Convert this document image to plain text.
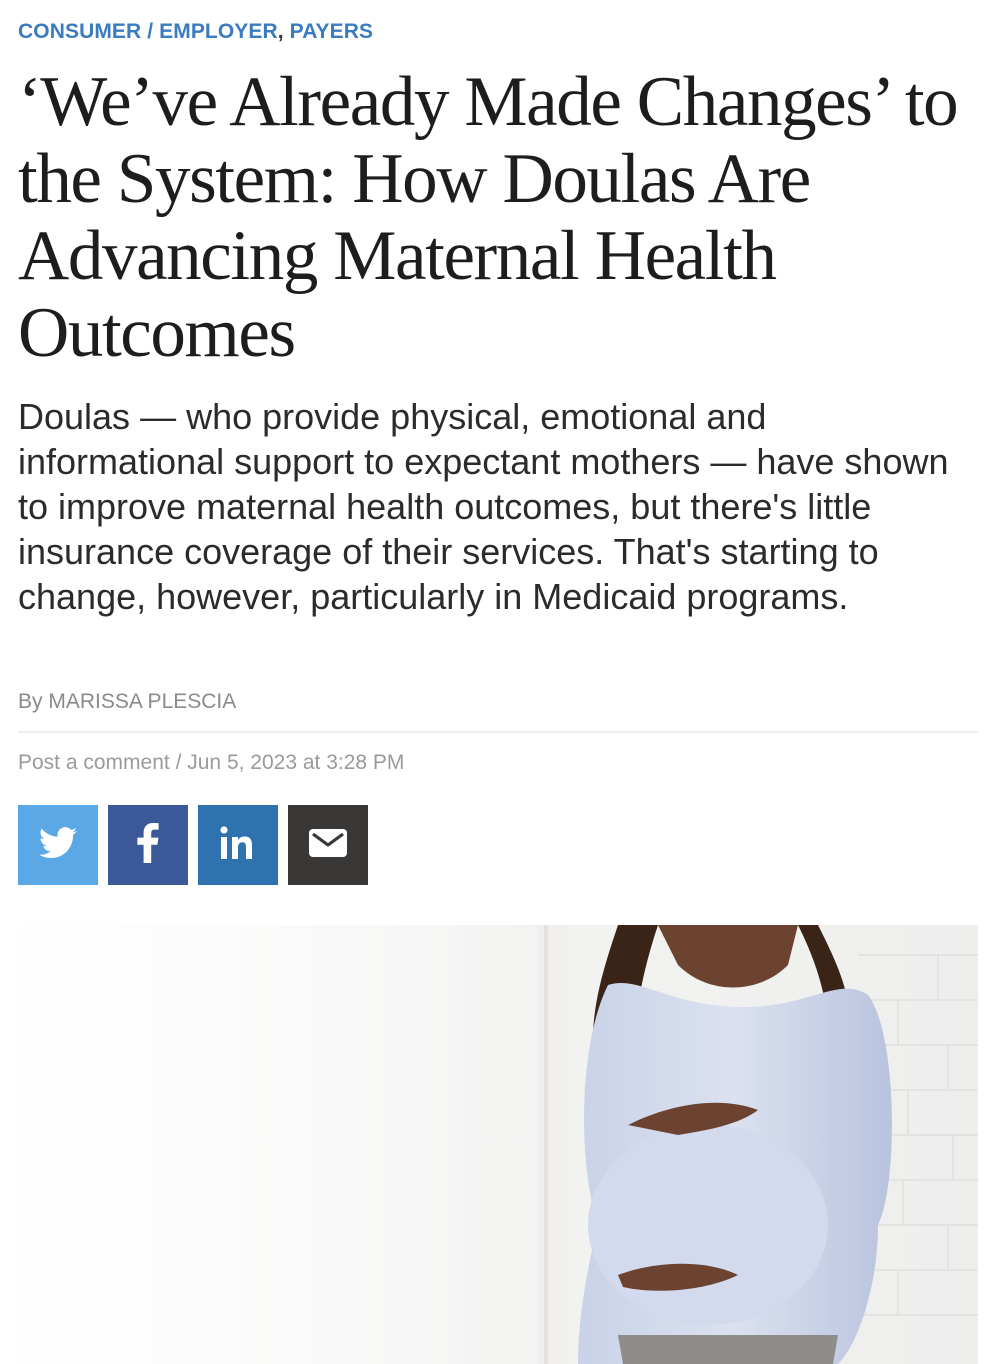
CONSUMER / EMPLOYER, PAYERS
‘We’ve Already Made Changes’ to the System: How Doulas Are Advancing Maternal Health Outcomes

Doulas — who provide physical, emotional and informational support to expectant mothers — have shown to improve maternal health outcomes, but there's little insurance coverage of their services. That's starting to change, however, particularly in Medicaid programs.

By MARISSA PLESCIA
Post a comment / Jun 5, 2023 at 3:28 PM
